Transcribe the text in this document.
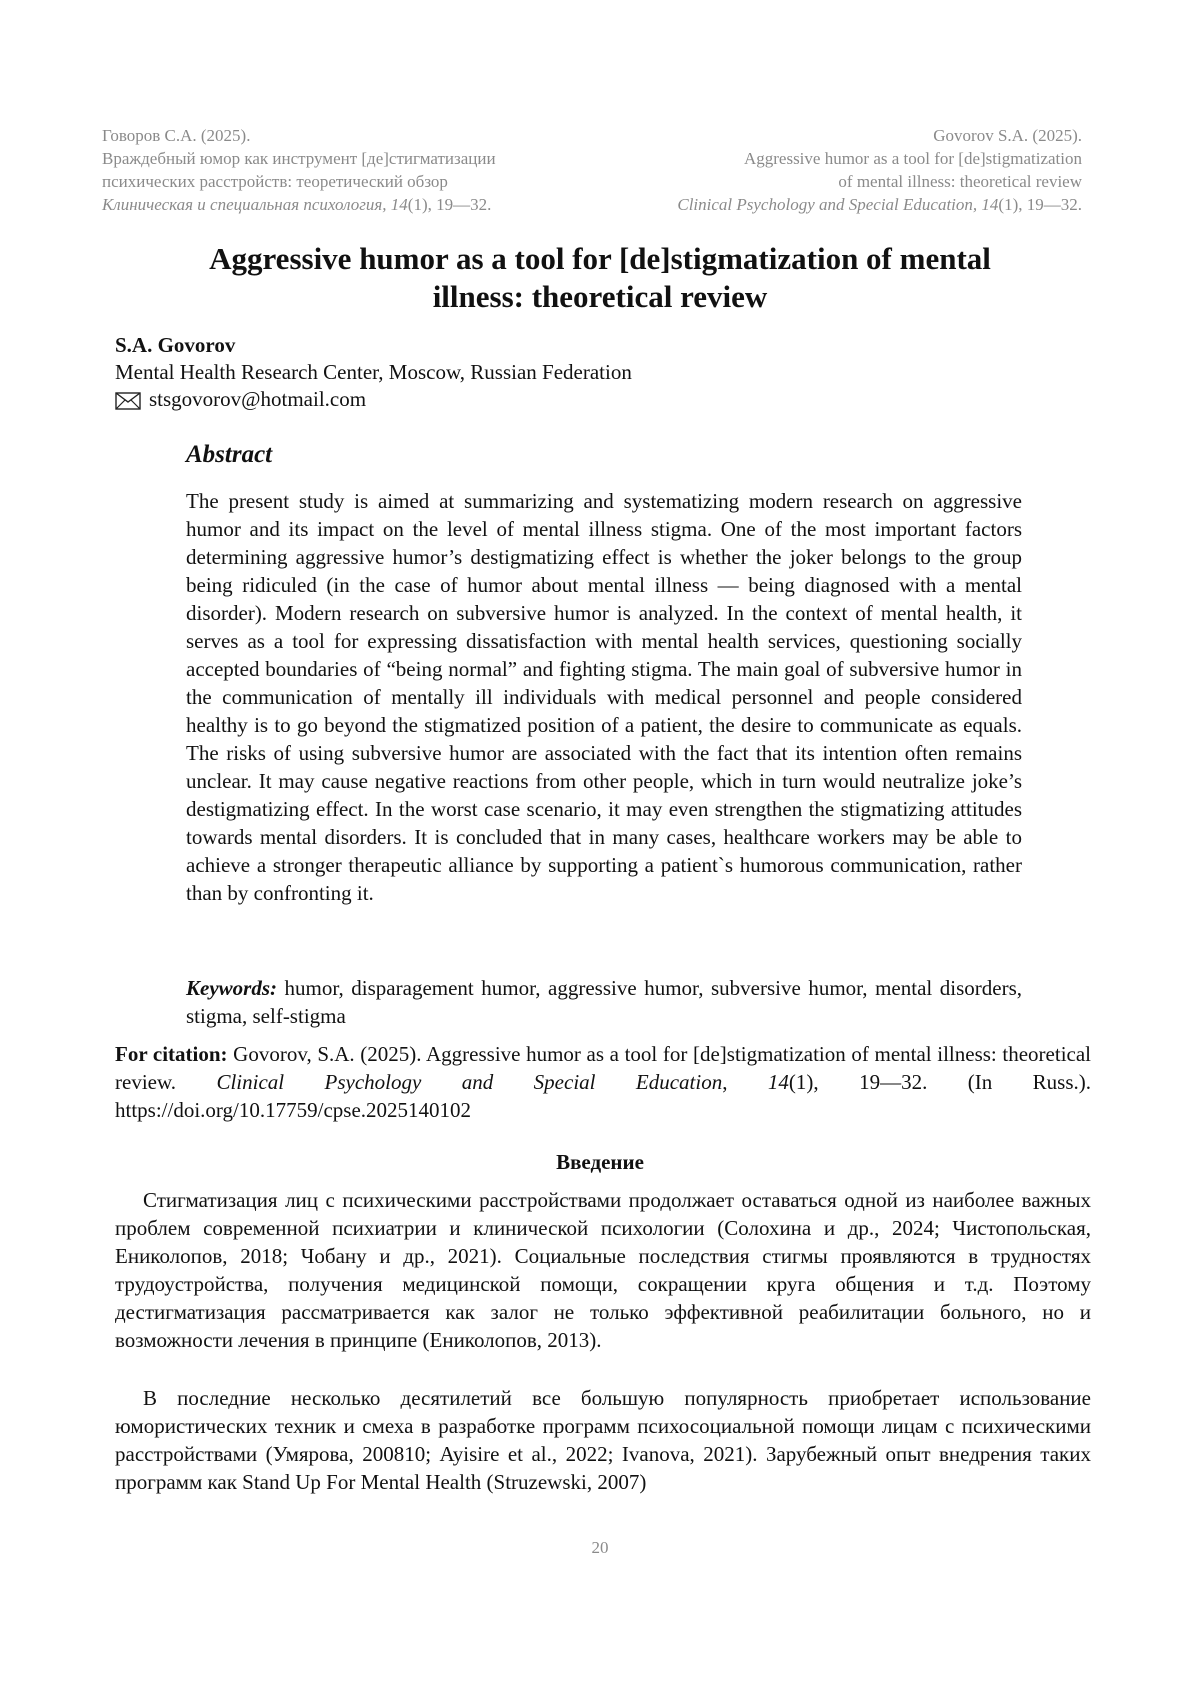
Говоров С.А. (2025).
Враждебный юмор как инструмент [де]стигматизации
психических расстройств: теоретический обзор
Клиническая и специальная психология, 14(1), 19—32.
Govorov S.A. (2025).
Aggressive humor as a tool for [de]stigmatization
of mental illness: theoretical review
Clinical Psychology and Special Education, 14(1), 19—32.
Aggressive humor as a tool for [de]stigmatization of mental
illness: theoretical review
S.A. Govorov
Mental Health Research Center, Moscow, Russian Federation
stsgovorov@hotmail.com
Abstract
The present study is aimed at summarizing and systematizing modern research on aggressive humor and its impact on the level of mental illness stigma. One of the most important factors determining aggressive humor’s destigmatizing effect is whether the joker belongs to the group being ridiculed (in the case of humor about mental illness — being diagnosed with a mental disorder). Modern research on subversive humor is analyzed. In the context of mental health, it serves as a tool for expressing dissatisfaction with mental health services, questioning socially accepted boundaries of “being normal” and fighting stigma. The main goal of subversive humor in the communication of mentally ill individuals with medical personnel and people considered healthy is to go beyond the stigmatized position of a patient, the desire to communicate as equals. The risks of using subversive humor are associated with the fact that its intention often remains unclear. It may cause negative reactions from other people, which in turn would neutralize joke’s destigmatizing effect. In the worst case scenario, it may even strengthen the stigmatizing attitudes towards mental disorders. It is concluded that in many cases, healthcare workers may be able to achieve a stronger therapeutic alliance by supporting a patient`s humorous communication, rather than by confronting it.
Keywords: humor, disparagement humor, aggressive humor, subversive humor, mental disorders, stigma, self-stigma
For citation: Govorov, S.A. (2025). Aggressive humor as a tool for [de]stigmatization of mental illness: theoretical review. Clinical Psychology and Special Education, 14(1), 19—32. (In Russ.). https://doi.org/10.17759/cpse.2025140102
Введение
Стигматизация лиц с психическими расстройствами продолжает оставаться одной из наиболее важных проблем современной психиатрии и клинической психологии (Солохина и др., 2024; Чистопольская, Ениколопов, 2018; Чобану и др., 2021). Социальные последствия стигмы проявляются в трудностях трудоустройства, получения медицинской помощи, сокращении круга общения и т.д. Поэтому дестигматизация рассматривается как залог не только эффективной реабилитации больного, но и возможности лечения в принципе (Ениколопов, 2013).
В последние несколько десятилетий все большую популярность приобретает использование юмористических техник и смеха в разработке программ психосоциальной помощи лицам с психическими расстройствами (Умярова, 200810; Ayisire et al., 2022; Ivanova, 2021). Зарубежный опыт внедрения таких программ как Stand Up For Mental Health (Struzewski, 2007)
20
